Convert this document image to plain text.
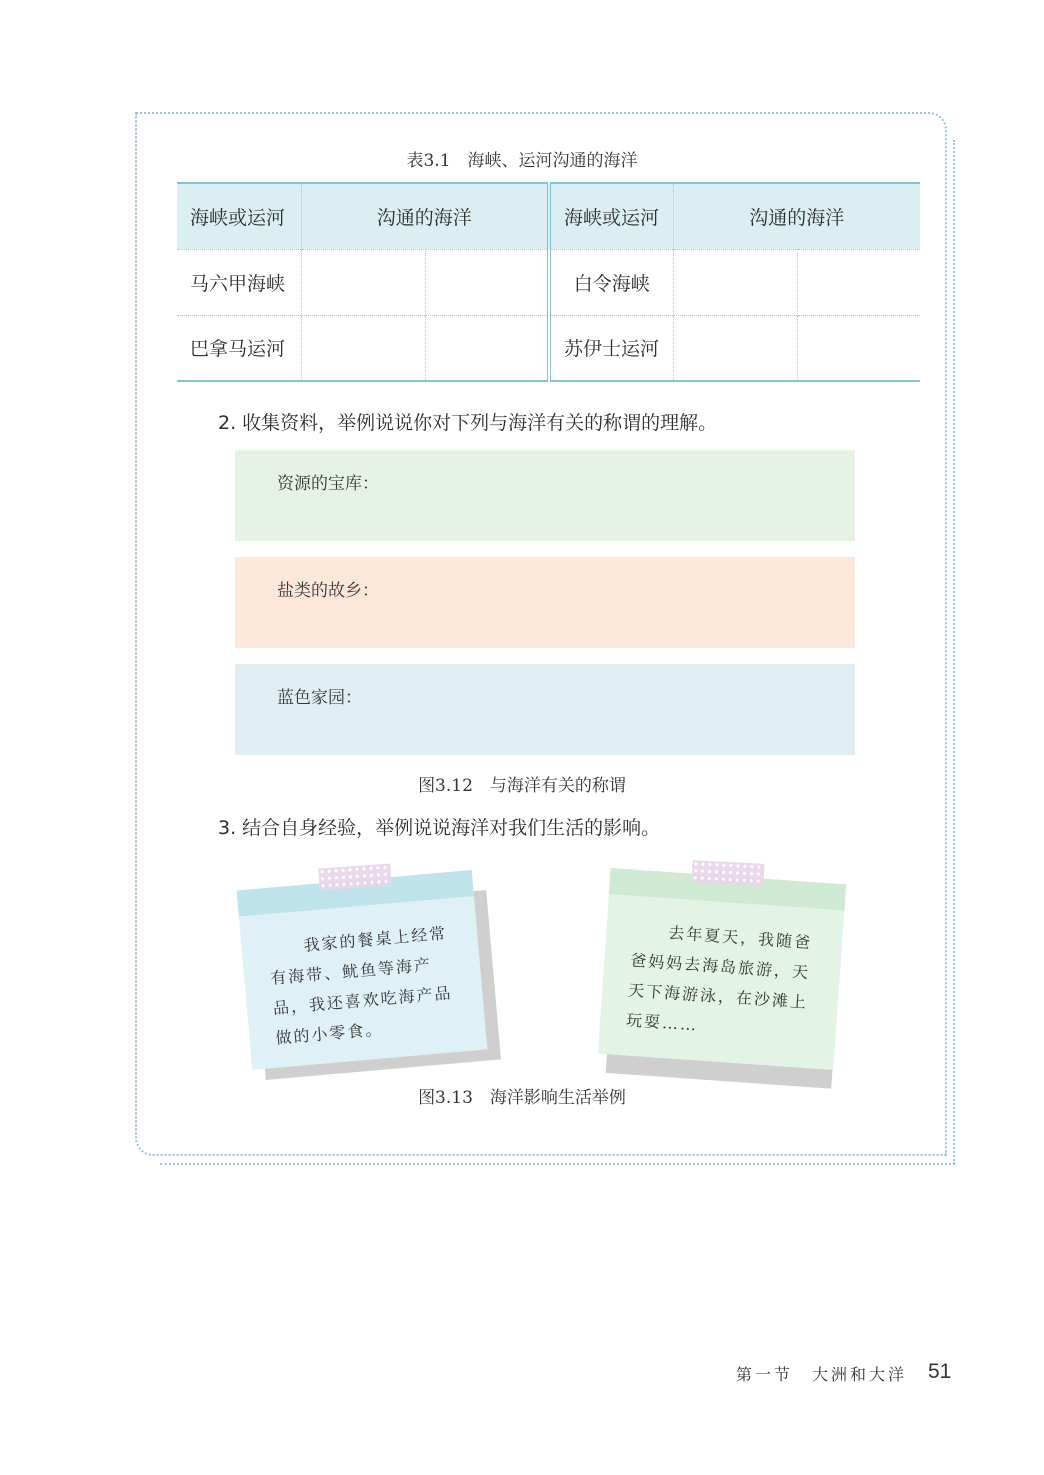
表3.1　海峡、运河沟通的海洋
海峡或运河	沟通的海洋		海峡或运河	沟通的海洋	
马六甲海峡			白令海峡		
巴拿马运河			苏伊士运河		
2. 收集资料，举例说说你对下列与海洋有关的称谓的理解。
资源的宝库：
盐类的故乡：
蓝色家园：
图3.12　与海洋有关的称谓
3. 结合自身经验，举例说说海洋对我们生活的影响。
　　我家的餐桌上经常有海带、鱿鱼等海产品，我还喜欢吃海产品做的小零食。
　　去年夏天，我随爸爸妈妈去海岛旅游，天天下海游泳，在沙滩上玩耍……
图3.13　海洋影响生活举例
第一节　大洲和大洋 51
